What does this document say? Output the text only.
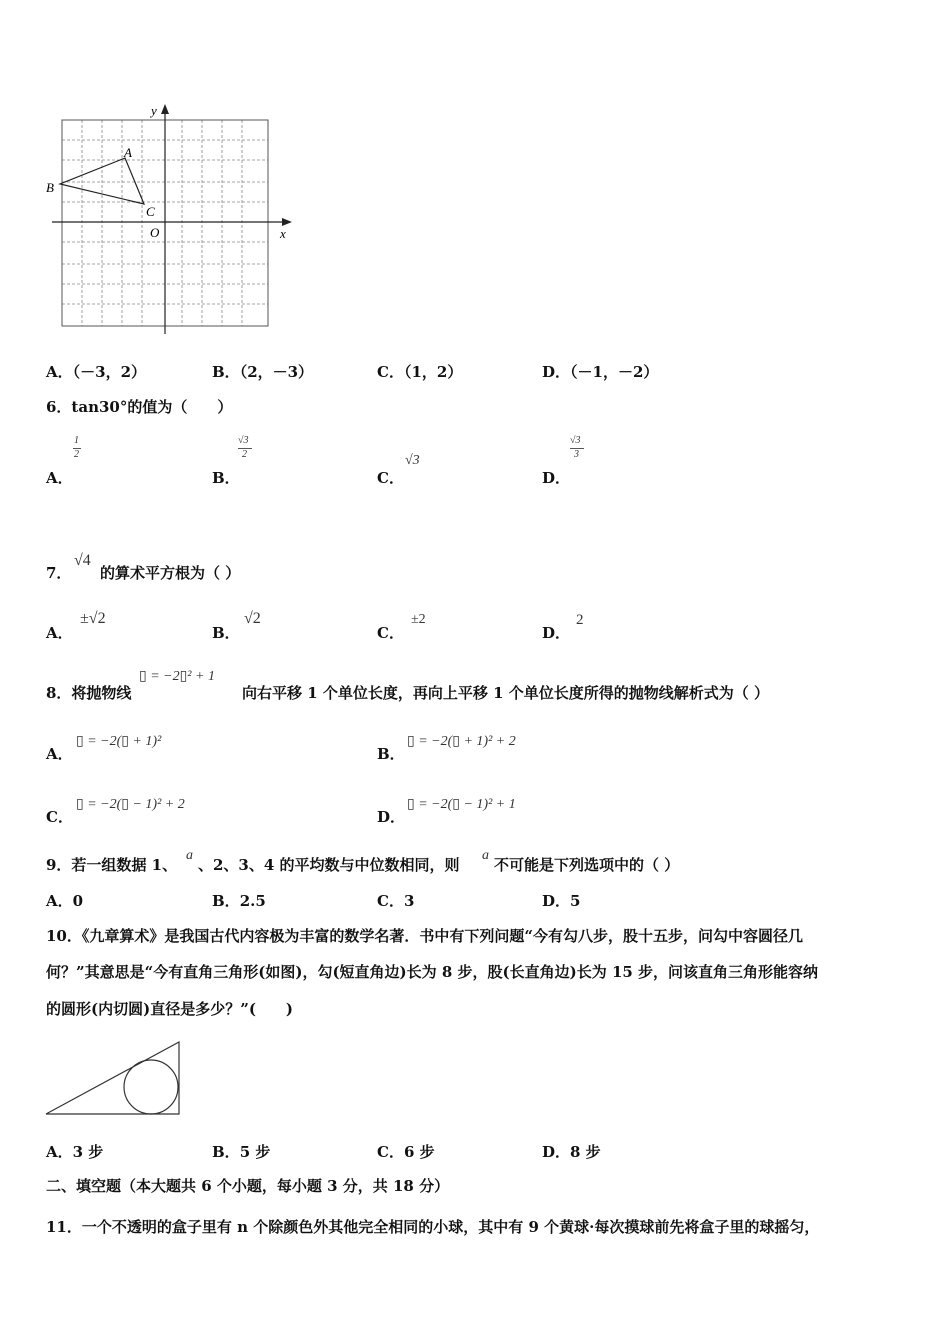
y
x
A
B
C
O
A．（－3，2）	B．（2，－3）	C．（1，2）	D．（－1，－2）
6．tan30°的值为（　　）
A．
1
2
B．
√3
2
C．
√3
D．
√3
3
7．
√4
的算术平方根为（ ）
A．
±√2
B．
√2
C．
±2
D．
2
8．将抛物线
▯ = −2▯² + 1
向右平移 1 个单位长度，再向上平移 1 个单位长度所得的抛物线解析式为（ ）
A．
▯ = −2(▯ + 1)²
B．
▯ = −2(▯ + 1)² + 2
C．
▯ = −2(▯ − 1)² + 2
D．
▯ = −2(▯ − 1)² + 1
9．若一组数据 1、
a
、2、3、4 的平均数与中位数相同，则
a
不可能是下列选项中的（ ）
A．0	B．2.5	C．3	D．5
10．《九章算术》是我国古代内容极为丰富的数学名著．书中有下列问题“今有勾八步，股十五步，问勾中容圆径几
何？”其意思是“今有直角三角形(如图)，勾(短直角边)长为 8 步，股(长直角边)长为 15 步，问该直角三角形能容纳
的圆形(内切圆)直径是多少？”(　　)
A．3 步	B．5 步	C．6 步	D．8 步
二、填空题（本大题共 6 个小题，每小题 3 分，共 18 分）
11．一个不透明的盒子里有 n 个除颜色外其他完全相同的小球，其中有 9 个黄球·每次摸球前先将盒子里的球摇匀，
